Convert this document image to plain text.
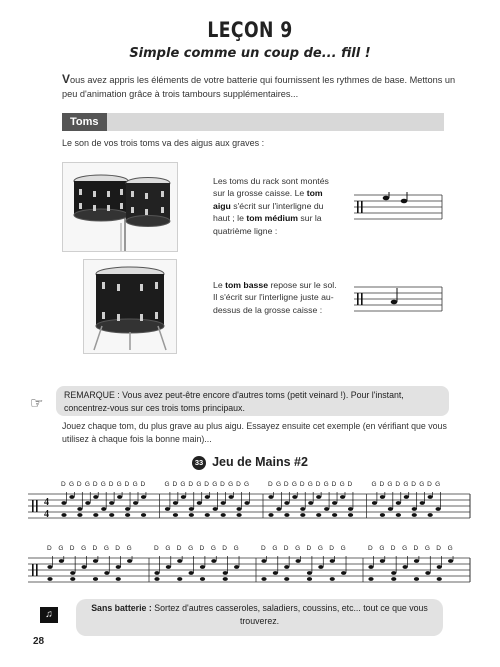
LEÇON 9
Simple comme un coup de... fill !
Vous avez appris les éléments de votre batterie qui fournissent les rythmes de base. Mettons un peu d'animation grâce à trois tambours supplémentaires...
Toms
Le son de vos trois toms va des aigus aux graves :
Les toms du rack sont montés sur la grosse caisse. Le tom aigu s'écrit sur l'interligne du haut ; le tom médium sur la quatrième ligne :
Le tom basse repose sur le sol. Il s'écrit sur l'interligne juste au-dessus de la grosse caisse :
☞ REMARQUE : Vous avez peut-être encore d'autres toms (petit veinard !). Pour l'instant, concentrez-vous sur ces trois toms principaux.
Jouez chaque tom, du plus grave au plus aigu. Essayez ensuite cet exemple (en vérifiant que vous utilisez à chaque fois la bonne main)...
33 Jeu de Mains #2
4
4
D G D G D G D G D G D	G D G D G D G D G D G	D G D G D G D G D G D	G D G D G D G D G
D G D G D G D G	D G D G D G D G	D G D G D G D G	D G D G D G D G
♫
Sans batterie : Sortez d'autres casseroles, saladiers, coussins, etc... tout ce que vous trouverez.
28
